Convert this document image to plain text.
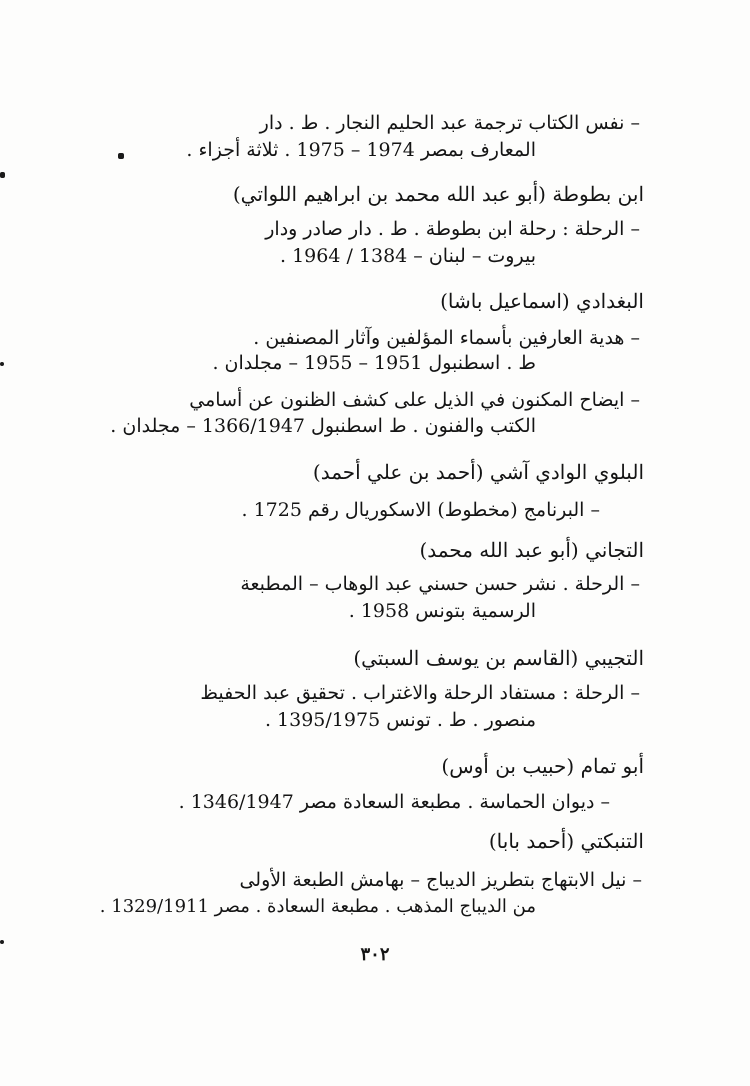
– نفس الكتاب ترجمة عبد الحليم النجار . ط . دار
المعارف بمصر 1974 – 1975 . ثلاثة أجزاء .
ابن بطوطة (أبو عبد الله محمد بن ابراهيم اللواتي)
– الرحلة : رحلة ابن بطوطة . ط . دار صادر ودار
بيروت – لبنان – 1384 / 1964 .
البغدادي (اسماعيل باشا)
– هدية العارفين بأسماء المؤلفين وآثار المصنفين .
ط . اسطنبول 1951 – 1955 – مجلدان .
– ايضاح المكنون في الذيل على كشف الظنون عن أسامي
الكتب والفنون . ط اسطنبول 1366/1947 – مجلدان .
البلوي الوادي آشي (أحمد بن علي أحمد)
– البرنامج (مخطوط) الاسكوريال رقم 1725 .
التجاني (أبو عبد الله محمد)
– الرحلة . نشر حسن حسني عبد الوهاب – المطبعة
الرسمية بتونس 1958 .
التجيبي (القاسم بن يوسف السبتي)
– الرحلة : مستفاد الرحلة والاغتراب . تحقيق عبد الحفيظ
منصور . ط . تونس 1395/1975 .
أبو تمام (حبيب بن أوس)
– ديوان الحماسة . مطبعة السعادة مصر 1346/1947 .
التنبكتي (أحمد بابا)
– نيل الابتهاج بتطريز الديباج – بهامش الطبعة الأولى
من الديباج المذهب . مطبعة السعادة . مصر 1329/1911 .
٣٠٢
